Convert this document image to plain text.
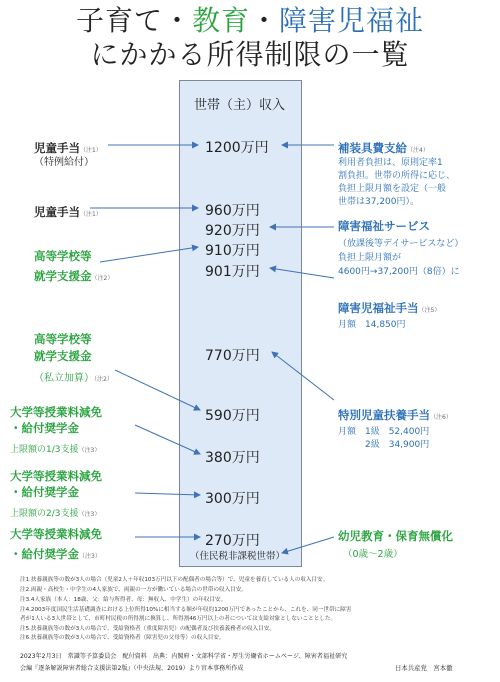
子育て・教育・障害児福祉
にかかる所得制限の一覧
世帯（主）収入
1200万円
960万円
920万円
910万円
901万円
770万円
590万円
380万円
300万円
270万円
（住民税非課税世帯）
児童手当（注1）
（特例給付）
児童手当（注1）
高等学校等
就学支援金（注2）
高等学校等
就学支援金
（私立加算）（注2）
大学等授業料減免
・給付奨学金
上限額の1/3支援（注3）
大学等授業料減免
・給付奨学金
上限額の2/3支援（注3）
大学等授業料減免
・給付奨学金（注3）
補装具費支給（注4）
利用者負担は、原則定率1
割負担。世帯の所得に応じ、
負担上限月額を設定（一般
世帯は37,200円）。
障害福祉サービス
（放課後等デイサービスなど）
負担上限月額が
4600円→37,200円（8倍）に
障害児福祉手当（注5）
月額　14,850円
特別児童扶養手当（注6）
月額　1級　52,400円
　　　2級　34,900円
幼児教育・保育無償化
（0歳〜2歳）
注1.扶養親族等の数が3人の場合（児童2人＋年収103万円以下の配偶者の場合等）で、児童を養育している人の収入目安。
注2.両親・高校生・中学生の4人家族で、両親の一方が働いている場合の世帯の収入目安。
注3.4人家族（本人：18歳、父：給与所得者、母：無収入、中学生）の年収目安。
注4.2003年度国民生活基礎調査における上位所得10%に相当する額が年収約1200万円であったことから、これを、同一世帯に障害
者が1人いる3人世帯として、市町村民税の所得割に換算し、所得割46万円以上の者については支給対象としないこととした。
注5.扶養親族等の数が3人の場合で、受給資格者（重度障害児）の配偶者及び扶養義務者の収入目安。
注6.扶養親族等の数が3人の場合で、受給資格者（障害児の父母等）の収入目安。
2023年2月3日　常識等予算委員会　配付資料　出典：内閣府・文部科学省・厚生労働省ホームページ、障害者福祉研究
会編『逐条解説障害者総合支援法第2版』（中央法規、2019）より宮本事務所作成	日本共産党　宮本徹
